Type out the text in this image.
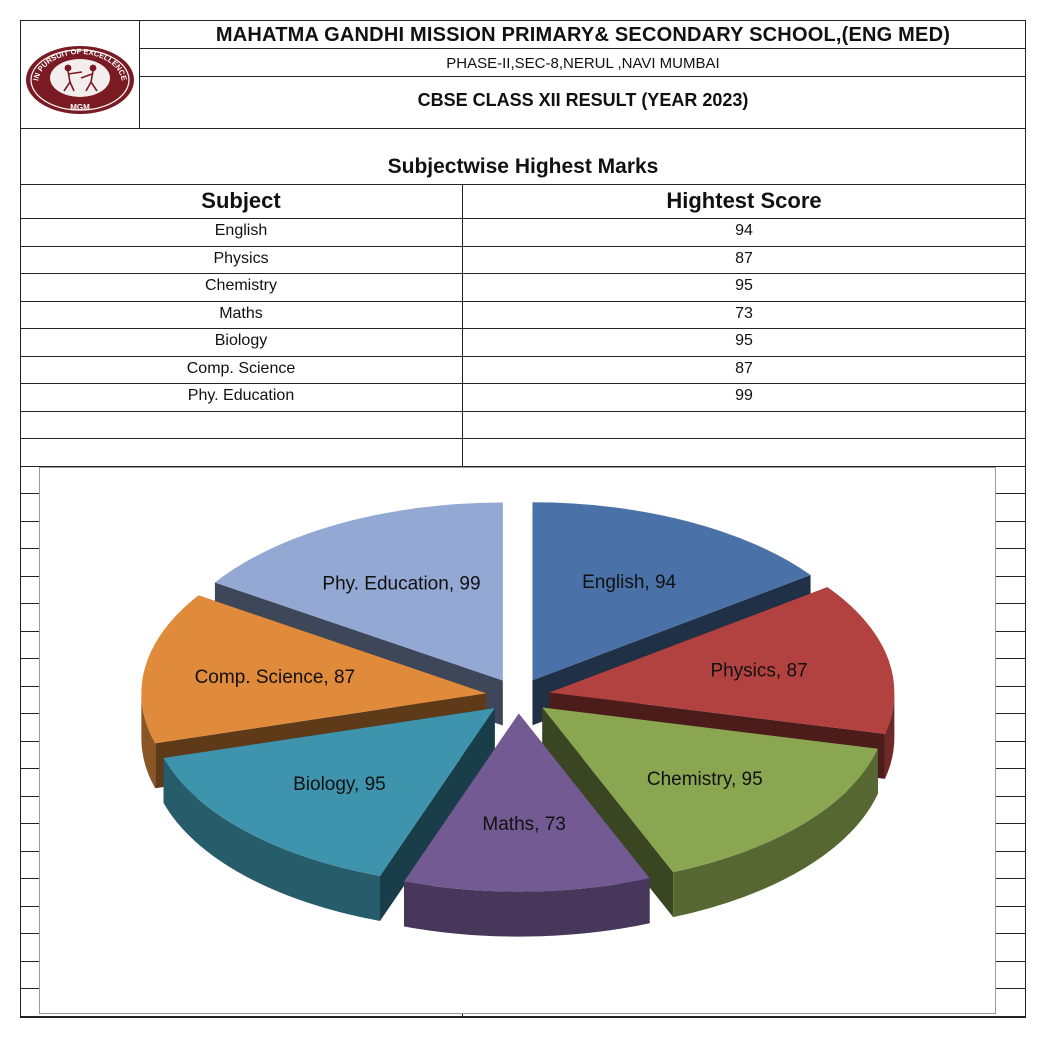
IN PURSUIT OF EXCELLENCE
MGM
MAHATMA GANDHI MISSION PRIMARY& SECONDARY SCHOOL,(ENG MED)
PHASE-II,SEC-8,NERUL ,NAVI MUMBAI
CBSE CLASS XII RESULT (YEAR 2023)
Subjectwise Highest Marks
Subject	Hightest Score
English	94
Physics	87
Chemistry	95
Maths	73
Biology	95
Comp. Science	87
Phy. Education	99
English, 94
Physics, 87
Chemistry, 95
Maths, 73
Biology, 95
Comp. Science, 87
Phy. Education, 99
